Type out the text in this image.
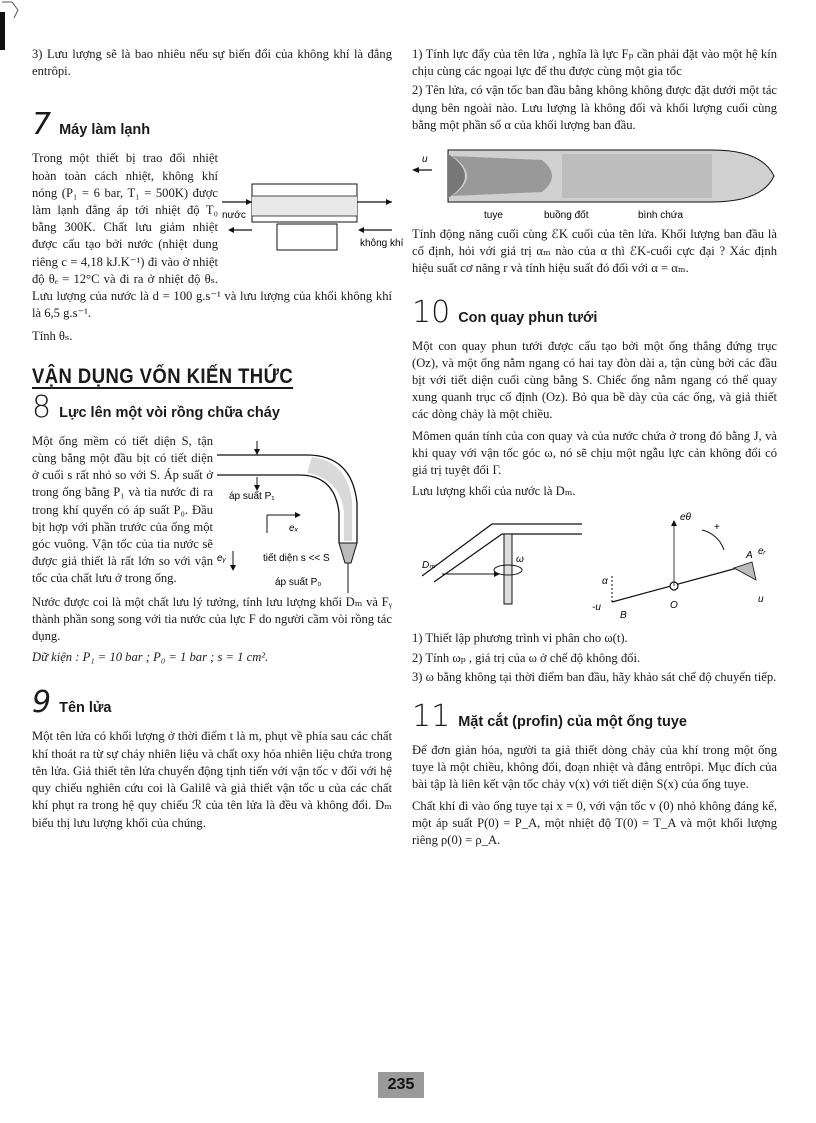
3) Lưu lượng sẽ là bao nhiêu nếu sự biến đổi của không khí là đẳng entrôpi.

7 Máy làm lạnh
nước
không khí

Trong một thiết bị trao đổi nhiệt hoàn toàn cách nhiệt, không khí nóng (P₁ = 6 bar, T₁ = 500K) được làm lạnh đẳng áp tới nhiệt độ T₀ bằng 300K. Chất lưu giảm nhiệt được cấu tạo bởi nước (nhiệt dung riêng c = 4,18 kJ.K⁻¹) đi vào ở nhiệt độ θₑ = 12°C và đi ra ở nhiệt độ θₛ. Lưu lượng của nước là d = 100 g.s⁻¹ và lưu lượng của khối không khí là 6,5 g.s⁻¹.

Tính θₛ.

VẬN DỤNG VỐN KIẾN THỨC
8 Lực lên một vòi rồng chữa cháy
áp suất P₁
eₓ
eᵧ	tiết diện s << S
áp suất P₀

Một ống mềm có tiết diện S, tận cùng bằng một đầu bịt có tiết diện ở cuối s rất nhỏ so với S. Áp suất ở trong ống bằng P₁ và tia nước đi ra trong khí quyển có áp suất P₀. Đầu bịt hợp với phần trước của ống một góc vuông. Vận tốc của tia nước sẽ được giả thiết là rất lớn so với vận tốc của chất lưu ở trong ống.

Nước được coi là một chất lưu lý tưởng, tính lưu lượng khối Dₘ và Fᵧ thành phần song song với tia nước của lực F do người cầm vòi rồng tác dụng.

Dữ kiện : P₁ = 10 bar ; P₀ = 1 bar ; s = 1 cm².

9 Tên lửa

Một tên lửa có khối lượng ở thời điểm t là m, phụt về phía sau các chất khí thoát ra từ sự cháy nhiên liệu và chất oxy hóa nhiên liệu chứa trong tên lửa. Giả thiết tên lửa chuyển động tịnh tiến với vận tốc v đối với hệ quy chiếu nghiên cứu coi là Galilê và giả thiết vận tốc u của các chất khí phụt ra trong hệ quy chiếu ℛ của tên lửa là đều và không đổi. Dₘ biểu thị lưu lượng khối của chúng.

1) Tính lực đẩy của tên lửa , nghĩa là lực Fₚ cần phải đặt vào một hệ kín chịu cùng các ngoại lực để thu được cùng một gia tốc

2) Tên lửa, có vận tốc ban đầu bằng không không được đặt dưới một tác dụng bên ngoài nào. Lưu lượng là không đổi và khối lượng cuối cùng bằng một phần số α của khối lượng ban đầu.

u
tuye	buồng đốt	bình chứa

Tính động năng cuối cùng ℰK cuối của tên lửa. Khối lượng ban đầu là cố định, hỏi với giá trị αₘ nào của α thì ℰK-cuối cực đại ? Xác định hiệu suất cơ năng r và tính hiệu suất đó đối với α = αₘ.

10 Con quay phun tưới

Một con quay phun tưới được cấu tạo bởi một ống thẳng đứng trục (Oz), và một ống nằm ngang có hai tay đòn dài a, tận cùng bởi các đầu bịt với tiết diện cuối cùng bằng S. Chiếc ống nằm ngang có thể quay xung quanh trục cố định (Oz). Bỏ qua bề dày của các ống, và giả thiết các dòng chảy là một chiều.

Mômen quán tính của con quay và của nước chứa ở trong đó bằng J, và khi quay với vận tốc góc ω, nó sẽ chịu một ngẫu lực cản không đổi có giá trị tuyệt đối Γ.

Lưu lượng khối của nước là Dₘ.

ω
Dₘ
+
eθ
eᵣ
A
O
B
α
-u
u

1) Thiết lập phương trình vi phân cho ω(t).

2) Tính ωₚ , giá trị của ω ở chế độ không đổi.

3) ω bằng không tại thời điểm ban đầu, hãy khảo sát chế độ chuyển tiếp.

11 Mặt cắt (profin) của một ống tuye

Để đơn giản hóa, người ta giả thiết dòng chảy của khí trong một ống tuye là một chiều, không đổi, đoạn nhiệt và đẳng entrôpi. Mục đích của bài tập là liên kết vận tốc chảy v(x) với tiết diện S(x) của ống tuye.

Chất khí đi vào ống tuye tại x = 0, với vận tốc v (0) nhỏ không đáng kể, một áp suất P(0) = P_A, một nhiệt độ T(0) = T_A và một khối lượng riêng ρ(0) = ρ_A.

235
